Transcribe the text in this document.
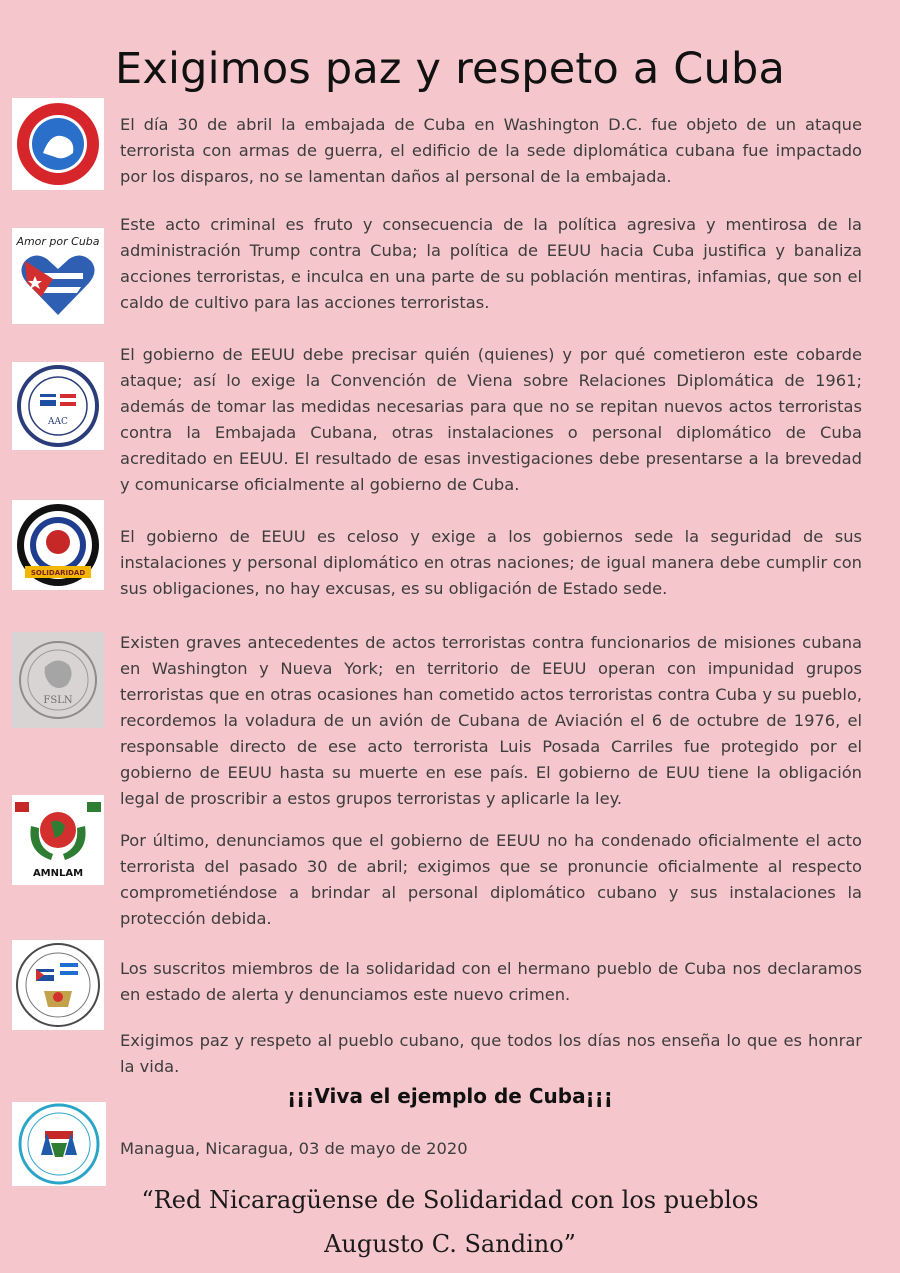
Exigimos paz y respeto a Cuba
Amor por Cuba
AAC
SOLIDARIDAD
FSLN
AMNLAM

El día 30 de abril la embajada de Cuba en Washington D.C. fue objeto de un ataque terrorista con armas de guerra, el edificio de la sede diplomática cubana fue impactado por los disparos, no se lamentan daños al personal de la embajada.

Este acto criminal es fruto y consecuencia de la política agresiva y mentirosa de la administración Trump contra Cuba; la política de EEUU hacia Cuba justifica y banaliza acciones terroristas, e inculca en una parte de su población mentiras, infamias, que son el caldo de cultivo para las acciones terroristas.

El gobierno de EEUU debe precisar quién (quienes) y por qué cometieron este cobarde ataque; así lo exige la Convención de Viena sobre Relaciones Diplomática de 1961; además de tomar las medidas necesarias para que no se repitan nuevos actos terroristas contra la Embajada Cubana, otras instalaciones o personal diplomático de Cuba acreditado en EEUU. El resultado de esas investigaciones debe presentarse a la brevedad y comunicarse oficialmente al gobierno de Cuba.

El gobierno de EEUU es celoso y exige a los gobiernos sede la seguridad de sus instalaciones y personal diplomático en otras naciones; de igual manera debe cumplir con sus obligaciones, no hay excusas, es su obligación de Estado sede.

Existen graves antecedentes de actos terroristas contra funcionarios de misiones cubana en Washington y Nueva York; en territorio de EEUU operan con impunidad grupos terroristas que en otras ocasiones han cometido actos terroristas contra Cuba y su pueblo, recordemos la voladura de un avión de Cubana de Aviación el 6 de octubre de 1976, el responsable directo de ese acto terrorista Luis Posada Carriles fue protegido por el gobierno de EEUU hasta su muerte en ese país. El gobierno de EUU tiene la obligación legal de proscribir a estos grupos terroristas y aplicarle la ley.

Por último, denunciamos que el gobierno de EEUU no ha condenado oficialmente el acto terrorista del pasado 30 de abril; exigimos que se pronuncie oficialmente al respecto comprometiéndose a brindar al personal diplomático cubano y sus instalaciones la protección debida.

Los suscritos miembros de la solidaridad con el hermano pueblo de Cuba nos declaramos en estado de alerta y denunciamos este nuevo crimen.

Exigimos paz y respeto al pueblo cubano, que todos los días nos enseña lo que es honrar la vida.

¡¡¡Viva el ejemplo de Cuba¡¡¡
Managua, Nicaragua, 03 de mayo de 2020
“Red Nicaragüense de Solidaridad con los pueblos
Augusto C. Sandino”
